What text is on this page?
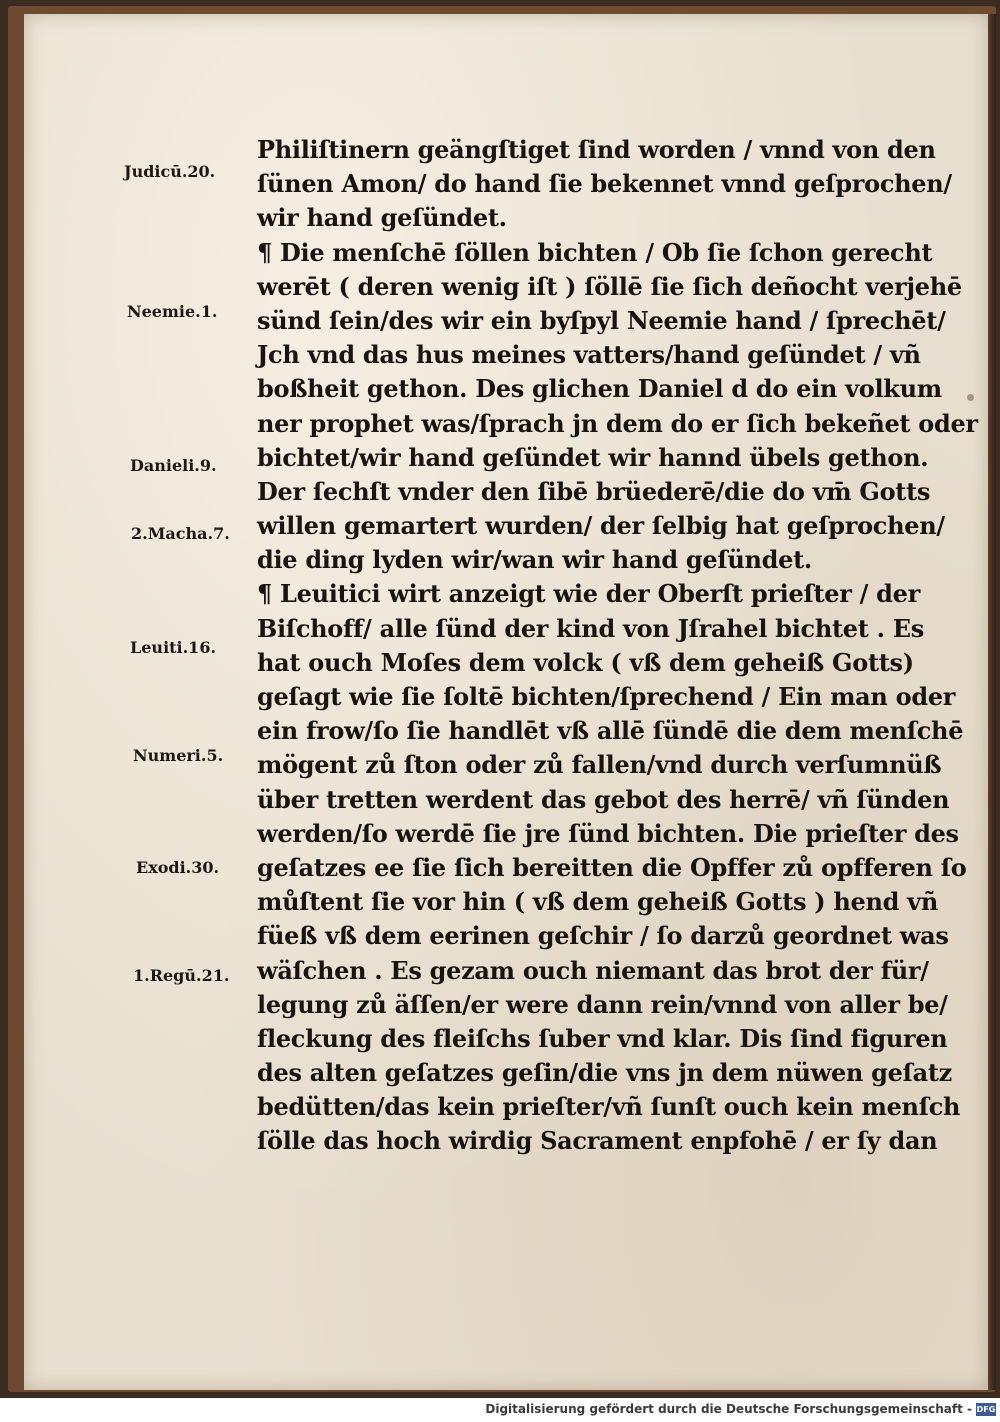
Judicū.20.
Neemie.1.
Danieli.9.
2.Macha.7.
Leuiti.16.
Numeri.5.
Exodi.30.
1.Regū.21.
Philiſtinern geängſtiget ſind worden / vnnd von den
ſünen Amon/ do hand ſie bekennet vnnd geſprochen/
wir hand geſündet.
¶ Die menſchē ſöllen bichten / Ob ſie ſchon gerecht
werēt ( deren wenig iſt ) ſöllē ſie ſich deñocht verjehē
sünd ſein/des wir ein byſpyl Neemie hand / ſprechēt/
Jch vnd das hus meines vatters/hand geſündet / vñ
boßheit gethon. Des glichen Daniel d do ein volkum
ner prophet was/ſprach jn dem do er ſich bekeñet oder
bichtet/wir hand geſündet wir hannd übels gethon.
Der ſechſt vnder den ſibē brüederē/die do vm̄ Gotts
willen gemartert wurden/ der ſelbig hat geſprochen/
die ding lyden wir/wan wir hand geſündet.
¶ Leuitici wirt anzeigt wie der Oberſt prieſter / der
Biſchoff/ alle ſünd der kind von Jſrahel bichtet . Es
hat ouch Moſes dem volck ( vß dem geheiß Gotts)
geſagt wie ſie ſoltē bichten/ſprechend / Ein man oder
ein frow/ſo ſie handlēt vß allē ſündē die dem menſchē
mögent zů ſton oder zů fallen/vnd durch verſumnüß
über tretten werdent das gebot des herrē/ vñ ſünden
werden/ſo werdē ſie jre ſünd bichten. Die prieſter des
geſatzes ee ſie ſich bereitten die Opffer zů opfferen ſo
můſtent ſie vor hin ( vß dem geheiß Gotts ) hend vñ
füeß vß dem eerinen geſchir / ſo darzů geordnet was
wäſchen . Es gezam ouch niemant das brot der für/
legung zů äſſen/er were dann rein/vnnd von aller be/
fleckung des fleiſchs ſuber vnd klar. Dis ſind figuren
des alten geſatzes geſin/die vns jn dem nüwen geſatz
bedütten/das kein prieſter/vñ ſunſt ouch kein menſch
ſölle das hoch wirdig Sacrament enpfohē / er ſy dan
Digitalisierung gefördert durch die Deutsche Forschungsgemeinschaft - DFG
